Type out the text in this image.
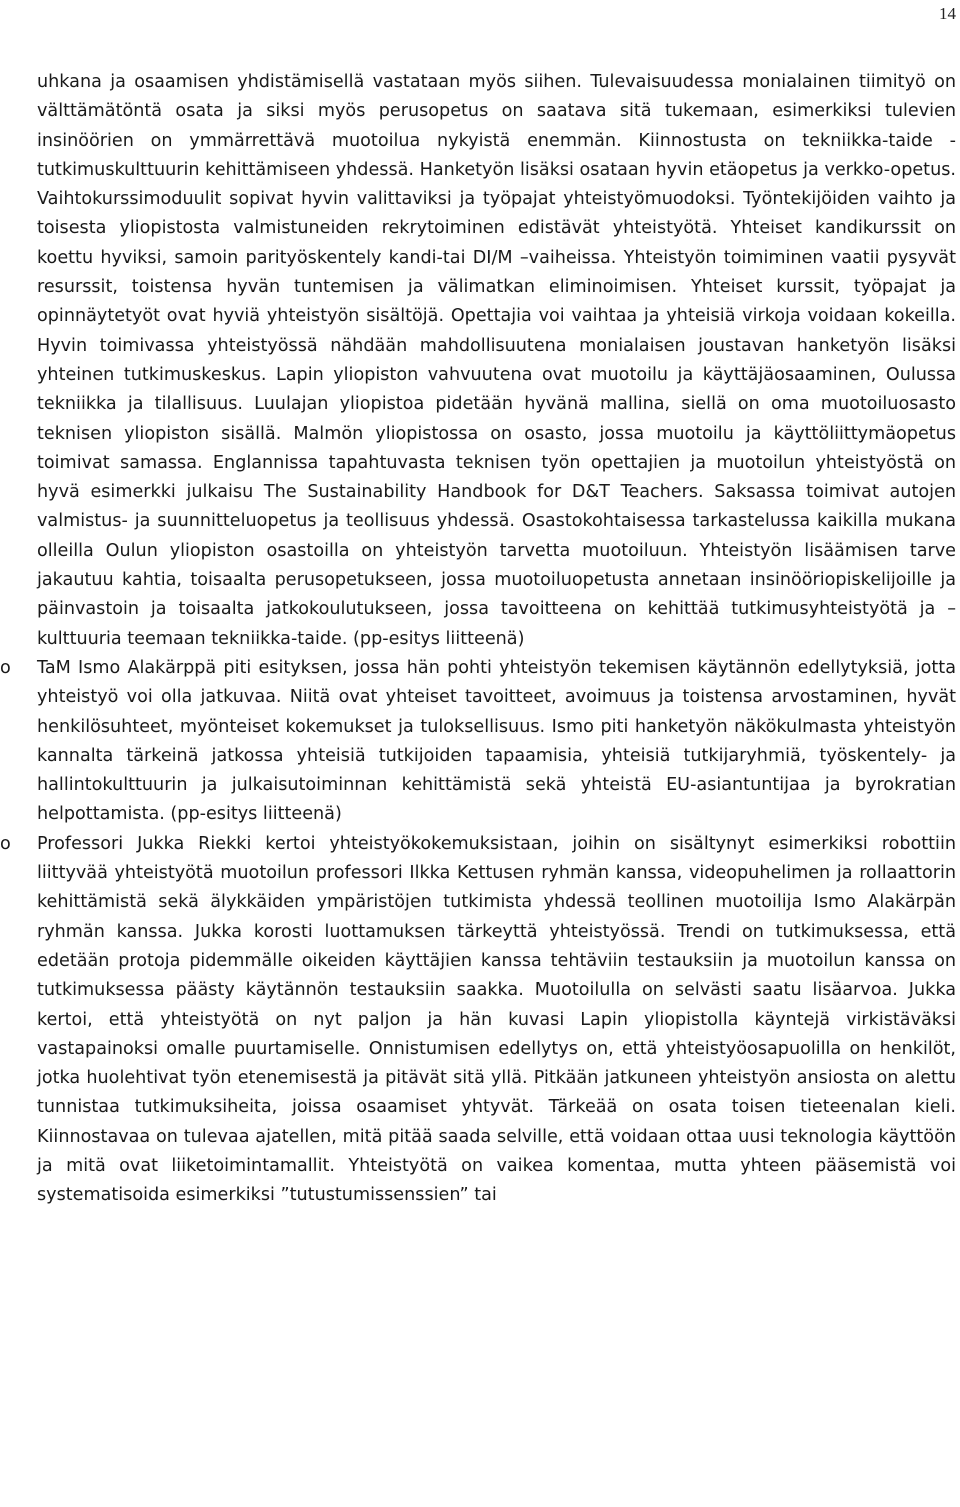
14

uhkana ja osaamisen yhdistämisellä vastataan myös siihen. Tulevaisuudessa monialainen tiimityö on välttämätöntä osata ja siksi myös perusopetus on saatava sitä tukemaan, esimerkiksi tulevien insinöörien on ymmärrettävä muotoilua nykyistä enemmän. Kiinnostusta on tekniikka-taide -tutkimuskulttuurin kehittämiseen yhdessä. Hanketyön lisäksi osataan hyvin etäopetus ja verkko-opetus. Vaihtokurssimoduulit sopivat hyvin valittaviksi ja työpajat yhteistyömuodoksi. Työntekijöiden vaihto ja toisesta yliopistosta valmistuneiden rekrytoiminen edistävät yhteistyötä. Yhteiset kandikurssit on koettu hyviksi, samoin parityöskentely kandi-tai DI/M –vaiheissa. Yhteistyön toimiminen vaatii pysyvät resurssit, toistensa hyvän tuntemisen ja välimatkan eliminoimisen. Yhteiset kurssit, työpajat ja opinnäytetyöt ovat hyviä yhteistyön sisältöjä. Opettajia voi vaihtaa ja yhteisiä virkoja voidaan kokeilla. Hyvin toimivassa yhteistyössä nähdään mahdollisuutena monialaisen joustavan hanketyön lisäksi yhteinen tutkimuskeskus. Lapin yliopiston vahvuutena ovat muotoilu ja käyttäjäosaaminen, Oulussa tekniikka ja tilallisuus. Luulajan yliopistoa pidetään hyvänä mallina, siellä on oma muotoiluosasto teknisen yliopiston sisällä. Malmön yliopistossa on osasto, jossa muotoilu ja käyttöliittymäopetus toimivat samassa. Englannissa tapahtuvasta teknisen työn opettajien ja muotoilun yhteistyöstä on hyvä esimerkki julkaisu The Sustainability Handbook for D&T Teachers. Saksassa toimivat autojen valmistus- ja suunnitteluopetus ja teollisuus yhdessä. Osastokohtaisessa tarkastelussa kaikilla mukana olleilla Oulun yliopiston osastoilla on yhteistyön tarvetta muotoiluun. Yhteistyön lisäämisen tarve jakautuu kahtia, toisaalta perusopetukseen, jossa muotoiluopetusta annetaan insinööriopiskelijoille ja päinvastoin ja toisaalta jatkokoulutukseen, jossa tavoitteena on kehittää tutkimusyhteistyötä ja –kulttuuria teemaan tekniikka-taide. (pp-esitys liitteenä)

o	TaM Ismo Alakärppä piti esityksen, jossa hän pohti yhteistyön tekemisen käytännön edellytyksiä, jotta yhteistyö voi olla jatkuvaa. Niitä ovat yhteiset tavoitteet, avoimuus ja toistensa arvostaminen, hyvät henkilösuhteet, myönteiset kokemukset ja tuloksellisuus. Ismo piti hanketyön näkökulmasta yhteistyön kannalta tärkeinä jatkossa yhteisiä tutkijoiden tapaamisia, yhteisiä tutkijaryhmiä, työskentely- ja hallintokulttuurin ja julkaisutoiminnan kehittämistä sekä yhteistä EU-asiantuntijaa ja byrokratian helpottamista. (pp-esitys liitteenä)

o	Professori Jukka Riekki kertoi yhteistyökokemuksistaan, joihin on sisältynyt esimerkiksi robottiin liittyvää yhteistyötä muotoilun professori Ilkka Kettusen ryhmän kanssa, videopuhelimen ja rollaattorin kehittämistä sekä älykkäiden ympäristöjen tutkimista yhdessä teollinen muotoilija Ismo Alakärpän ryhmän kanssa. Jukka korosti luottamuksen tärkeyttä yhteistyössä. Trendi on tutkimuksessa, että edetään protoja pidemmälle oikeiden käyttäjien kanssa tehtäviin testauksiin ja muotoilun kanssa on tutkimuksessa päästy käytännön testauksiin saakka. Muotoilulla on selvästi saatu lisäarvoa. Jukka kertoi, että yhteistyötä on nyt paljon ja hän kuvasi Lapin yliopistolla käyntejä virkistäväksi vastapainoksi omalle puurtamiselle. Onnistumisen edellytys on, että yhteistyöosapuolilla on henkilöt, jotka huolehtivat työn etenemisestä ja pitävät sitä yllä. Pitkään jatkuneen yhteistyön ansiosta on alettu tunnistaa tutkimuksiheita, joissa osaamiset yhtyvät. Tärkeää on osata toisen tieteenalan kieli. Kiinnostavaa on tulevaa ajatellen, mitä pitää saada selville, että voidaan ottaa uusi teknologia käyttöön ja mitä ovat liiketoimintamallit. Yhteistyötä on vaikea komentaa, mutta yhteen pääsemistä voi systematisoida esimerkiksi ”tutustumissenssien” tai
